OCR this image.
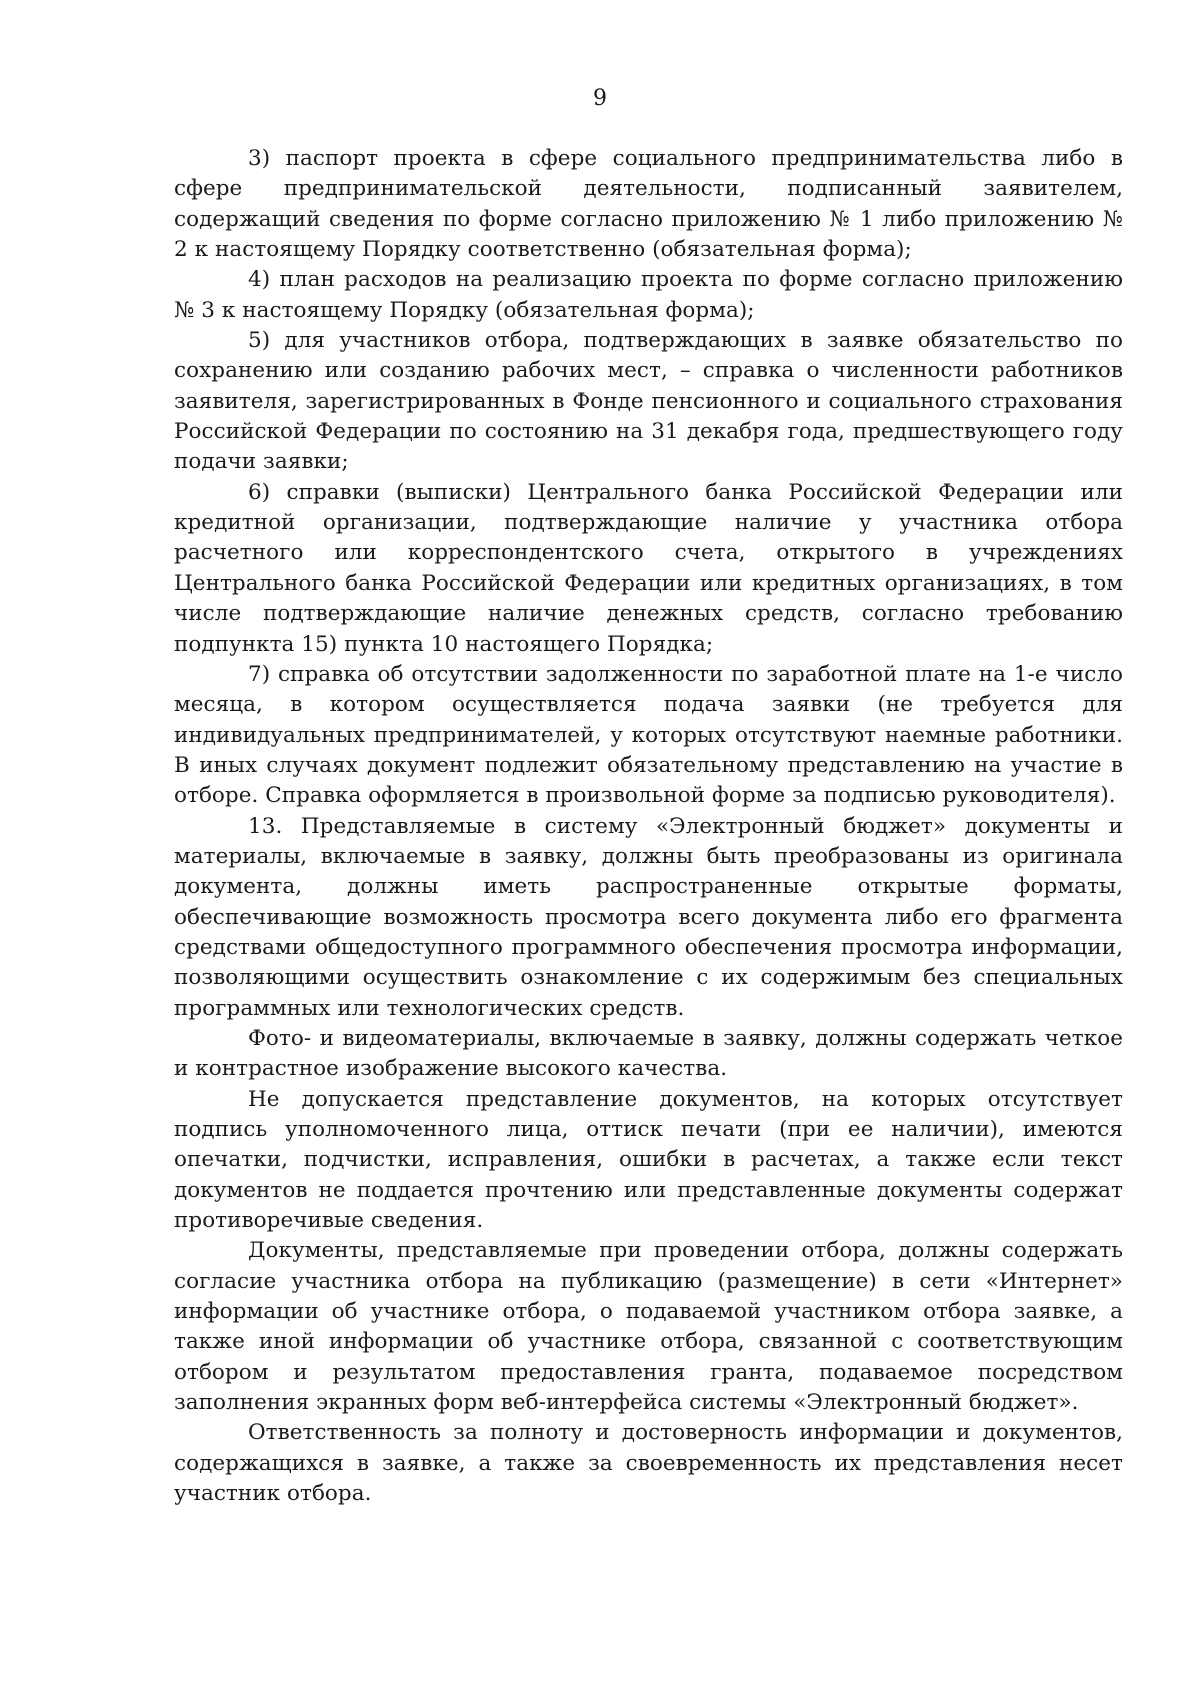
9

3) паспорт проекта в сфере социального предпринимательства либо в сфере предпринимательской деятельности, подписанный заявителем, содержащий сведения по форме согласно приложению № 1 либо приложению № 2 к настоящему Порядку соответственно (обязательная форма);

4) план расходов на реализацию проекта по форме согласно приложению № 3 к настоящему Порядку (обязательная форма);

5) для участников отбора, подтверждающих в заявке обязательство по сохранению или созданию рабочих мест, – справка о численности работников заявителя, зарегистрированных в Фонде пенсионного и социального страхования Российской Федерации по состоянию на 31 декабря года, предшествующего году подачи заявки;

6) справки (выписки) Центрального банка Российской Федерации или кредитной организации, подтверждающие наличие у участника отбора расчетного или корреспондентского счета, открытого в учреждениях Центрального банка Российской Федерации или кредитных организациях, в том числе подтверждающие наличие денежных средств, согласно требованию подпункта 15) пункта 10 настоящего Порядка;

7) справка об отсутствии задолженности по заработной плате на 1-е число месяца, в котором осуществляется подача заявки (не требуется для индивидуальных предпринимателей, у которых отсутствуют наемные работники. В иных случаях документ подлежит обязательному представлению на участие в отборе. Справка оформляется в произвольной форме за подписью руководителя).

13. Представляемые в систему «Электронный бюджет» документы и материалы, включаемые в заявку, должны быть преобразованы из оригинала документа, должны иметь распространенные открытые форматы, обеспечивающие возможность просмотра всего документа либо его фрагмента средствами общедоступного программного обеспечения просмотра информации, позволяющими осуществить ознакомление с их содержимым без специальных программных или технологических средств.

Фото- и видеоматериалы, включаемые в заявку, должны содержать четкое и контрастное изображение высокого качества.

Не допускается представление документов, на которых отсутствует подпись уполномоченного лица, оттиск печати (при ее наличии), имеются опечатки, подчистки, исправления, ошибки в расчетах, а также если текст документов не поддается прочтению или представленные документы содержат противоречивые сведения.

Документы, представляемые при проведении отбора, должны содержать согласие участника отбора на публикацию (размещение) в сети «Интернет» информации об участнике отбора, о подаваемой участником отбора заявке, а также иной информации об участнике отбора, связанной с соответствующим отбором и результатом предоставления гранта, подаваемое посредством заполнения экранных форм веб-интерфейса системы «Электронный бюджет».

Ответственность за полноту и достоверность информации и документов, содержащихся в заявке, а также за своевременность их представления несет участник отбора.
